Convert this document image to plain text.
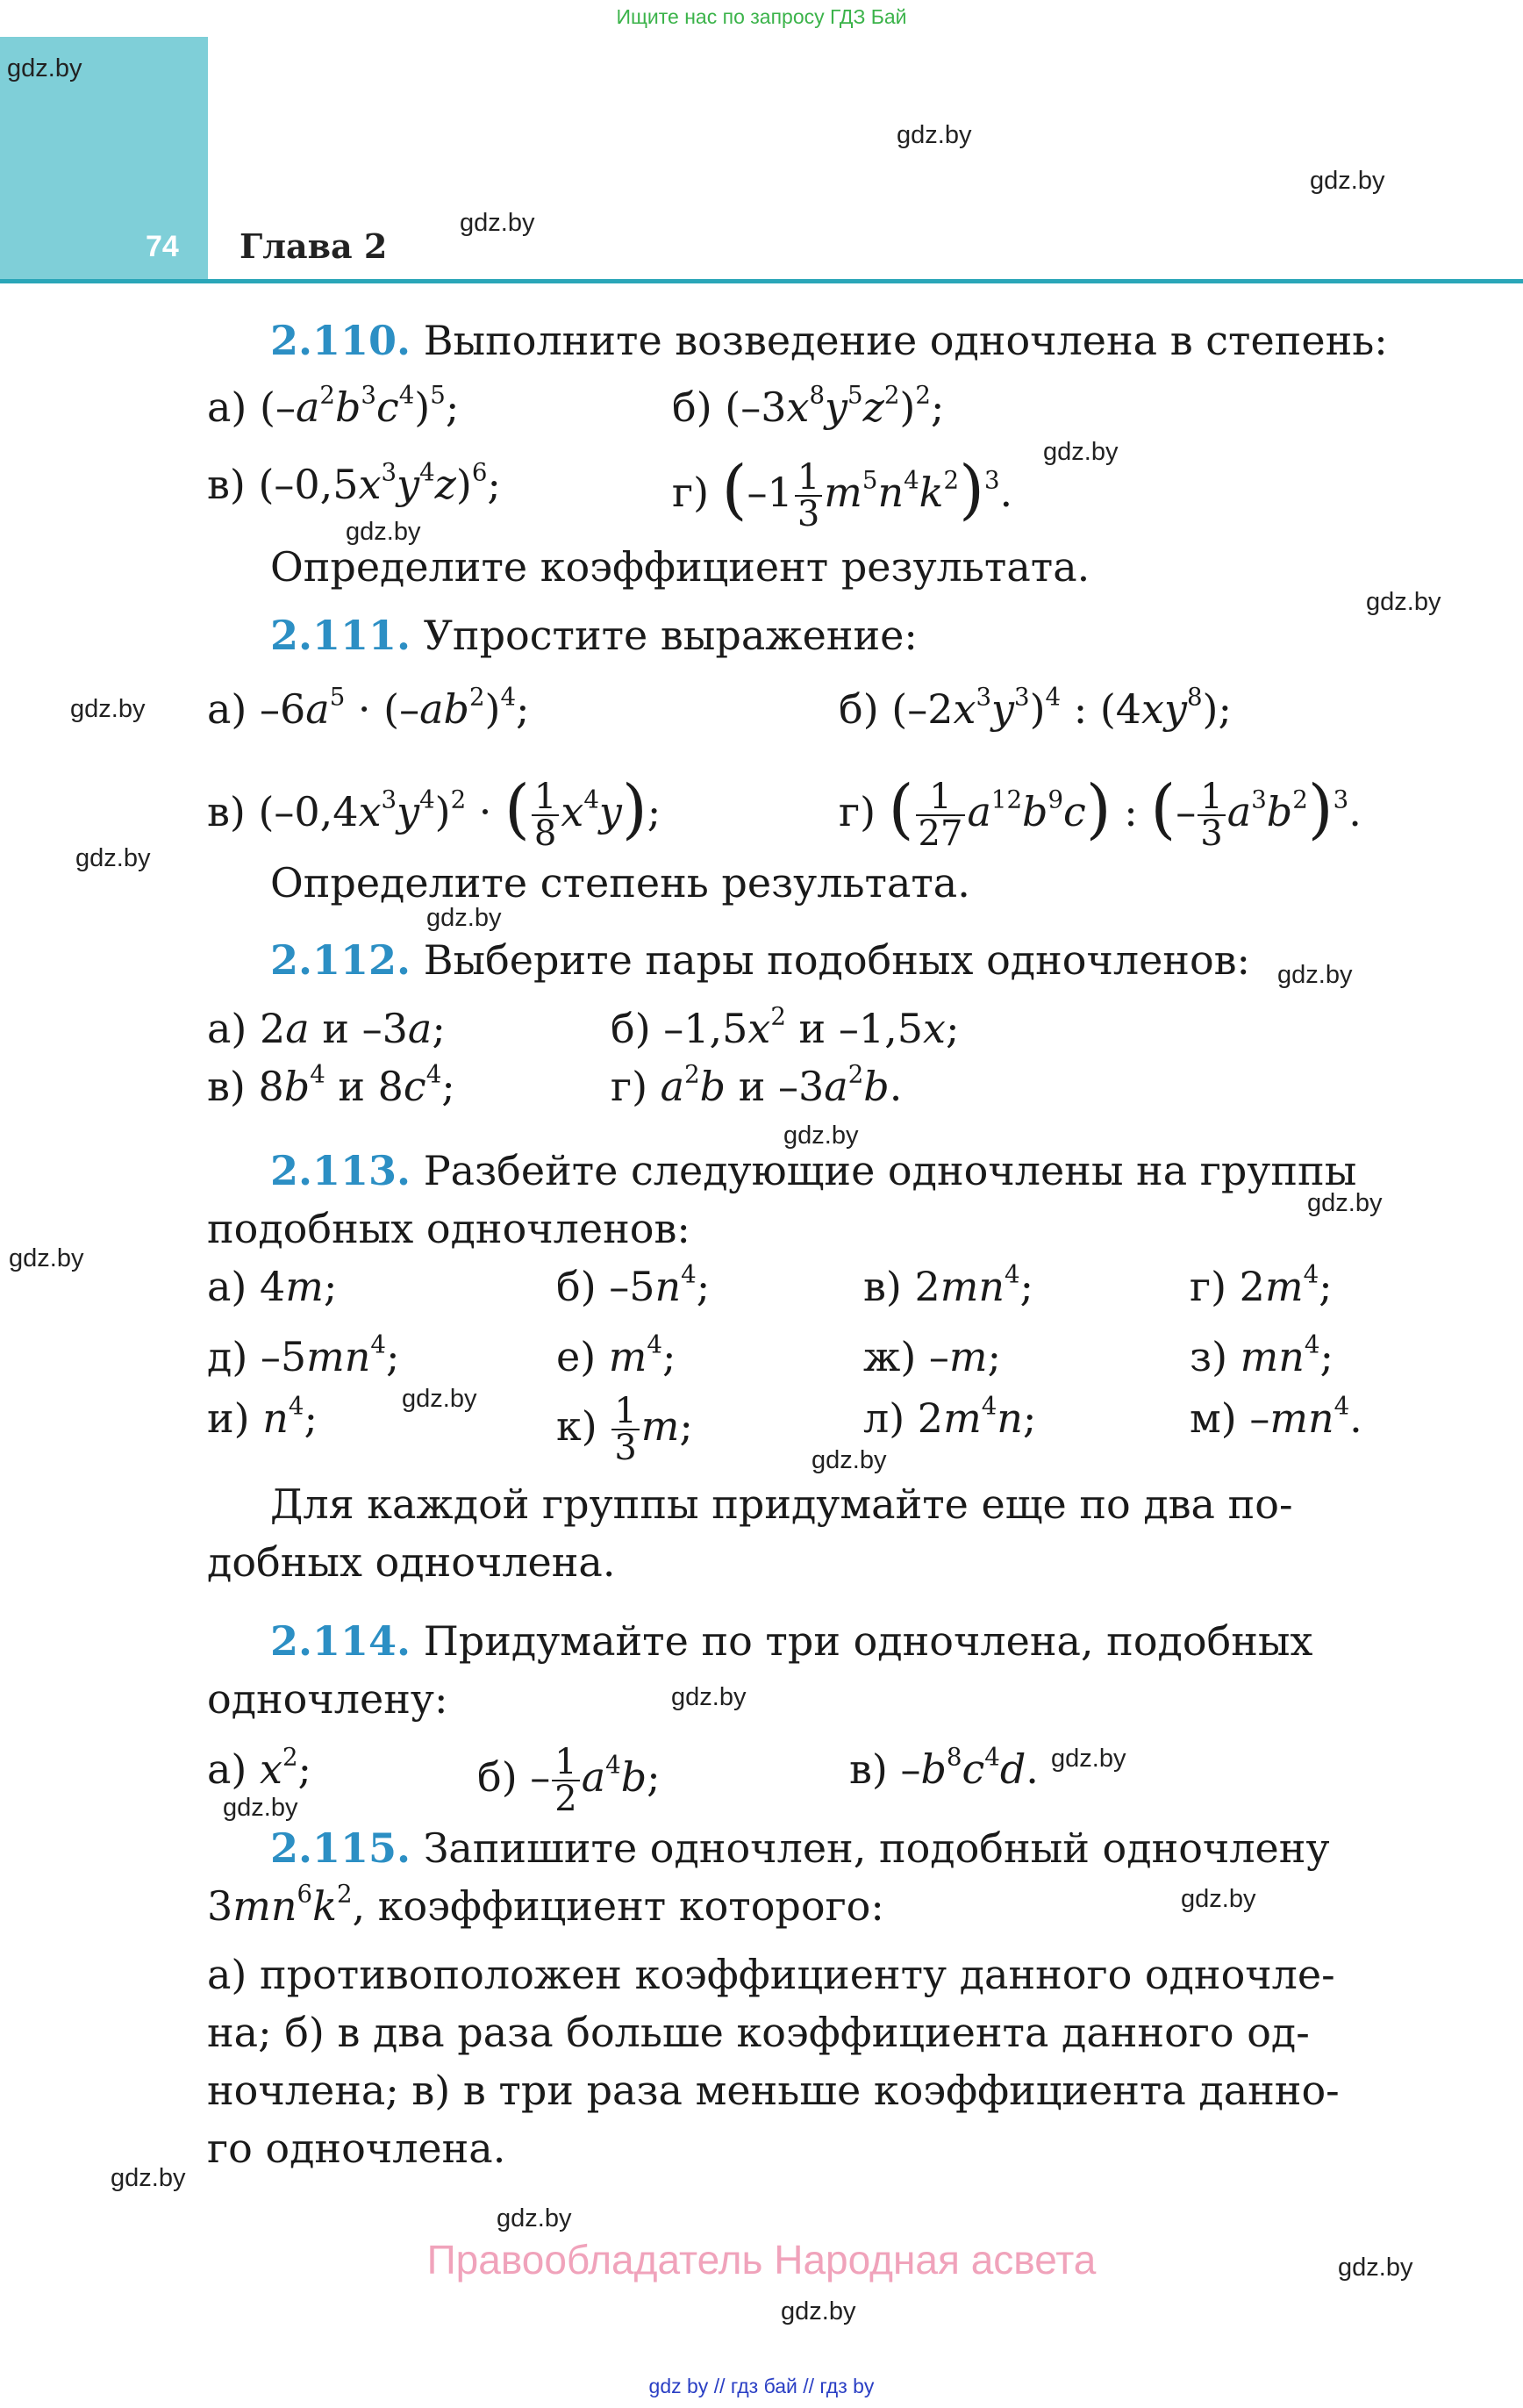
Ищите нас по запросу ГДЗ Бай
74 Глава 2
gdz.by
gdz.by
gdz.by
gdz.by
gdz.by
gdz.by
gdz.by
gdz.by
gdz.by
gdz.by
gdz.by
gdz.by
gdz.by
gdz.by
gdz.by
gdz.by
gdz.by
gdz.by
gdz.by
gdz.by
gdz.by
gdz.by
gdz.by
gdz.by
2.110. Выполните возведение одночлена в степень:
а) $(-a^2b^3c^4)^5$;	б) $(-3x^8y^5z^2)^2$;
в) $(-0,5x^3y^4z)^6$;	г) $(-1 \frac{1}{3} m^5n^4k^2)^3$.
Определите коэффициент результата.
2.111. Упростите выражение:
а) $-6a^5 \cdot (-ab^2)^4$;	б) $(-2x^3y^3)^4$ : $(4xy^8)$;
в) $(-0,4x^3y^4)^2$ · ( $\frac{1}{8} x^4y$);	г) ( $\frac{1}{27} a^{12}b^9c$) : (– $\frac{1}{3} a^3b^2)^3$.
Определите степень результата.
2.112. Выберите пары подобных одночленов:
а) 2a и –3a;	б) $-1,5x^2$ и –1,5x;
в) $8b^4$ и $8c^4$;	г) $a^2b$ и $-3a^2b$.
2.113. Разбейте следующие одночлены на группы
подобных одночленов:
а) 4m;	б) $-5n^4$;	в) $2mn^4$;	г) $2m^4$;
д) $-5mn^4$;	е) $m^4$;	ж) –m;	з) $mn^4$;
и) $n^4$;	$к) \frac{1}{3} m$;	л) $2m^4n$;	м) $-mn^4$.
Для каждой группы придумайте еще по два по-
добных одночлена.
2.114. Придумайте по три одночлена, подобных
одночлену:
а) $x^2$;	$б) - \frac{1}{2} a^4b$;	в) $-b^8c^4d$.
2.115. Запишите одночлен, подобный одночлену
$3mn^6k^2$, коэффициент которого:
а) противоположен коэффициенту данного одночле-
на; б) в два раза больше коэффициента данного од-
ночлена; в) в три раза меньше коэффициента данно-
го одночлена.
Правообладатель Народная асвета
gdz by // гдз бай // гдз by
